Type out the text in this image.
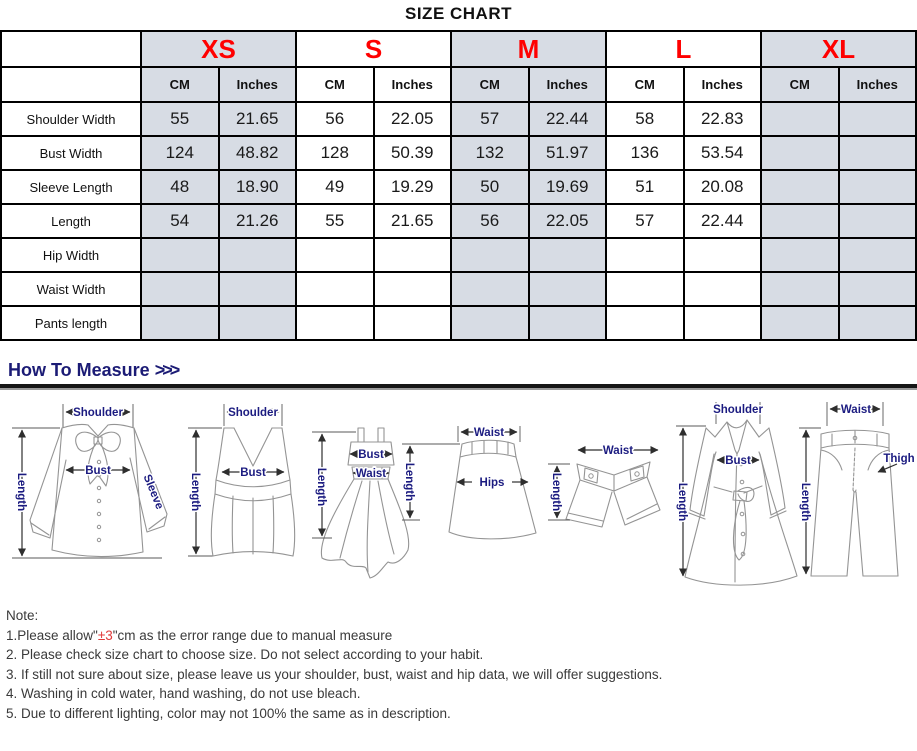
SIZE CHART
	XS		S		M		L		XL	
	CM	Inches	CM	Inches	CM	Inches	CM	Inches	CM	Inches
Shoulder Width	55	21.65	56	22.05	57	22.44	58	22.83		
Bust Width	124	48.82	128	50.39	132	51.97	136	53.54		
Sleeve Length	48	18.90	49	19.29	50	19.69	51	20.08		
Length	54	21.26	55	21.65	56	22.05	57	22.44		
Hip Width										
Waist Width										
Pants length										
How To Measure >>>
Shoulder
Length
Bust
Sleeve
Shoulder
Length	Bust
Bust
Waist
Length
Waist
Hips
Length
Waist
Length
Shoulder
Bust
Length
Waist
Length
Thigh

Note:

1.Please allow"±3"cm as the error range due to manual measure

2. Please check size chart to choose size. Do not select according to your habit.

3. If still not sure about size, please leave us your shoulder, bust, waist and hip data, we will offer suggestions.

4. Washing in cold water, hand washing, do not use bleach.

5. Due to different lighting, color may not 100% the same as in description.
